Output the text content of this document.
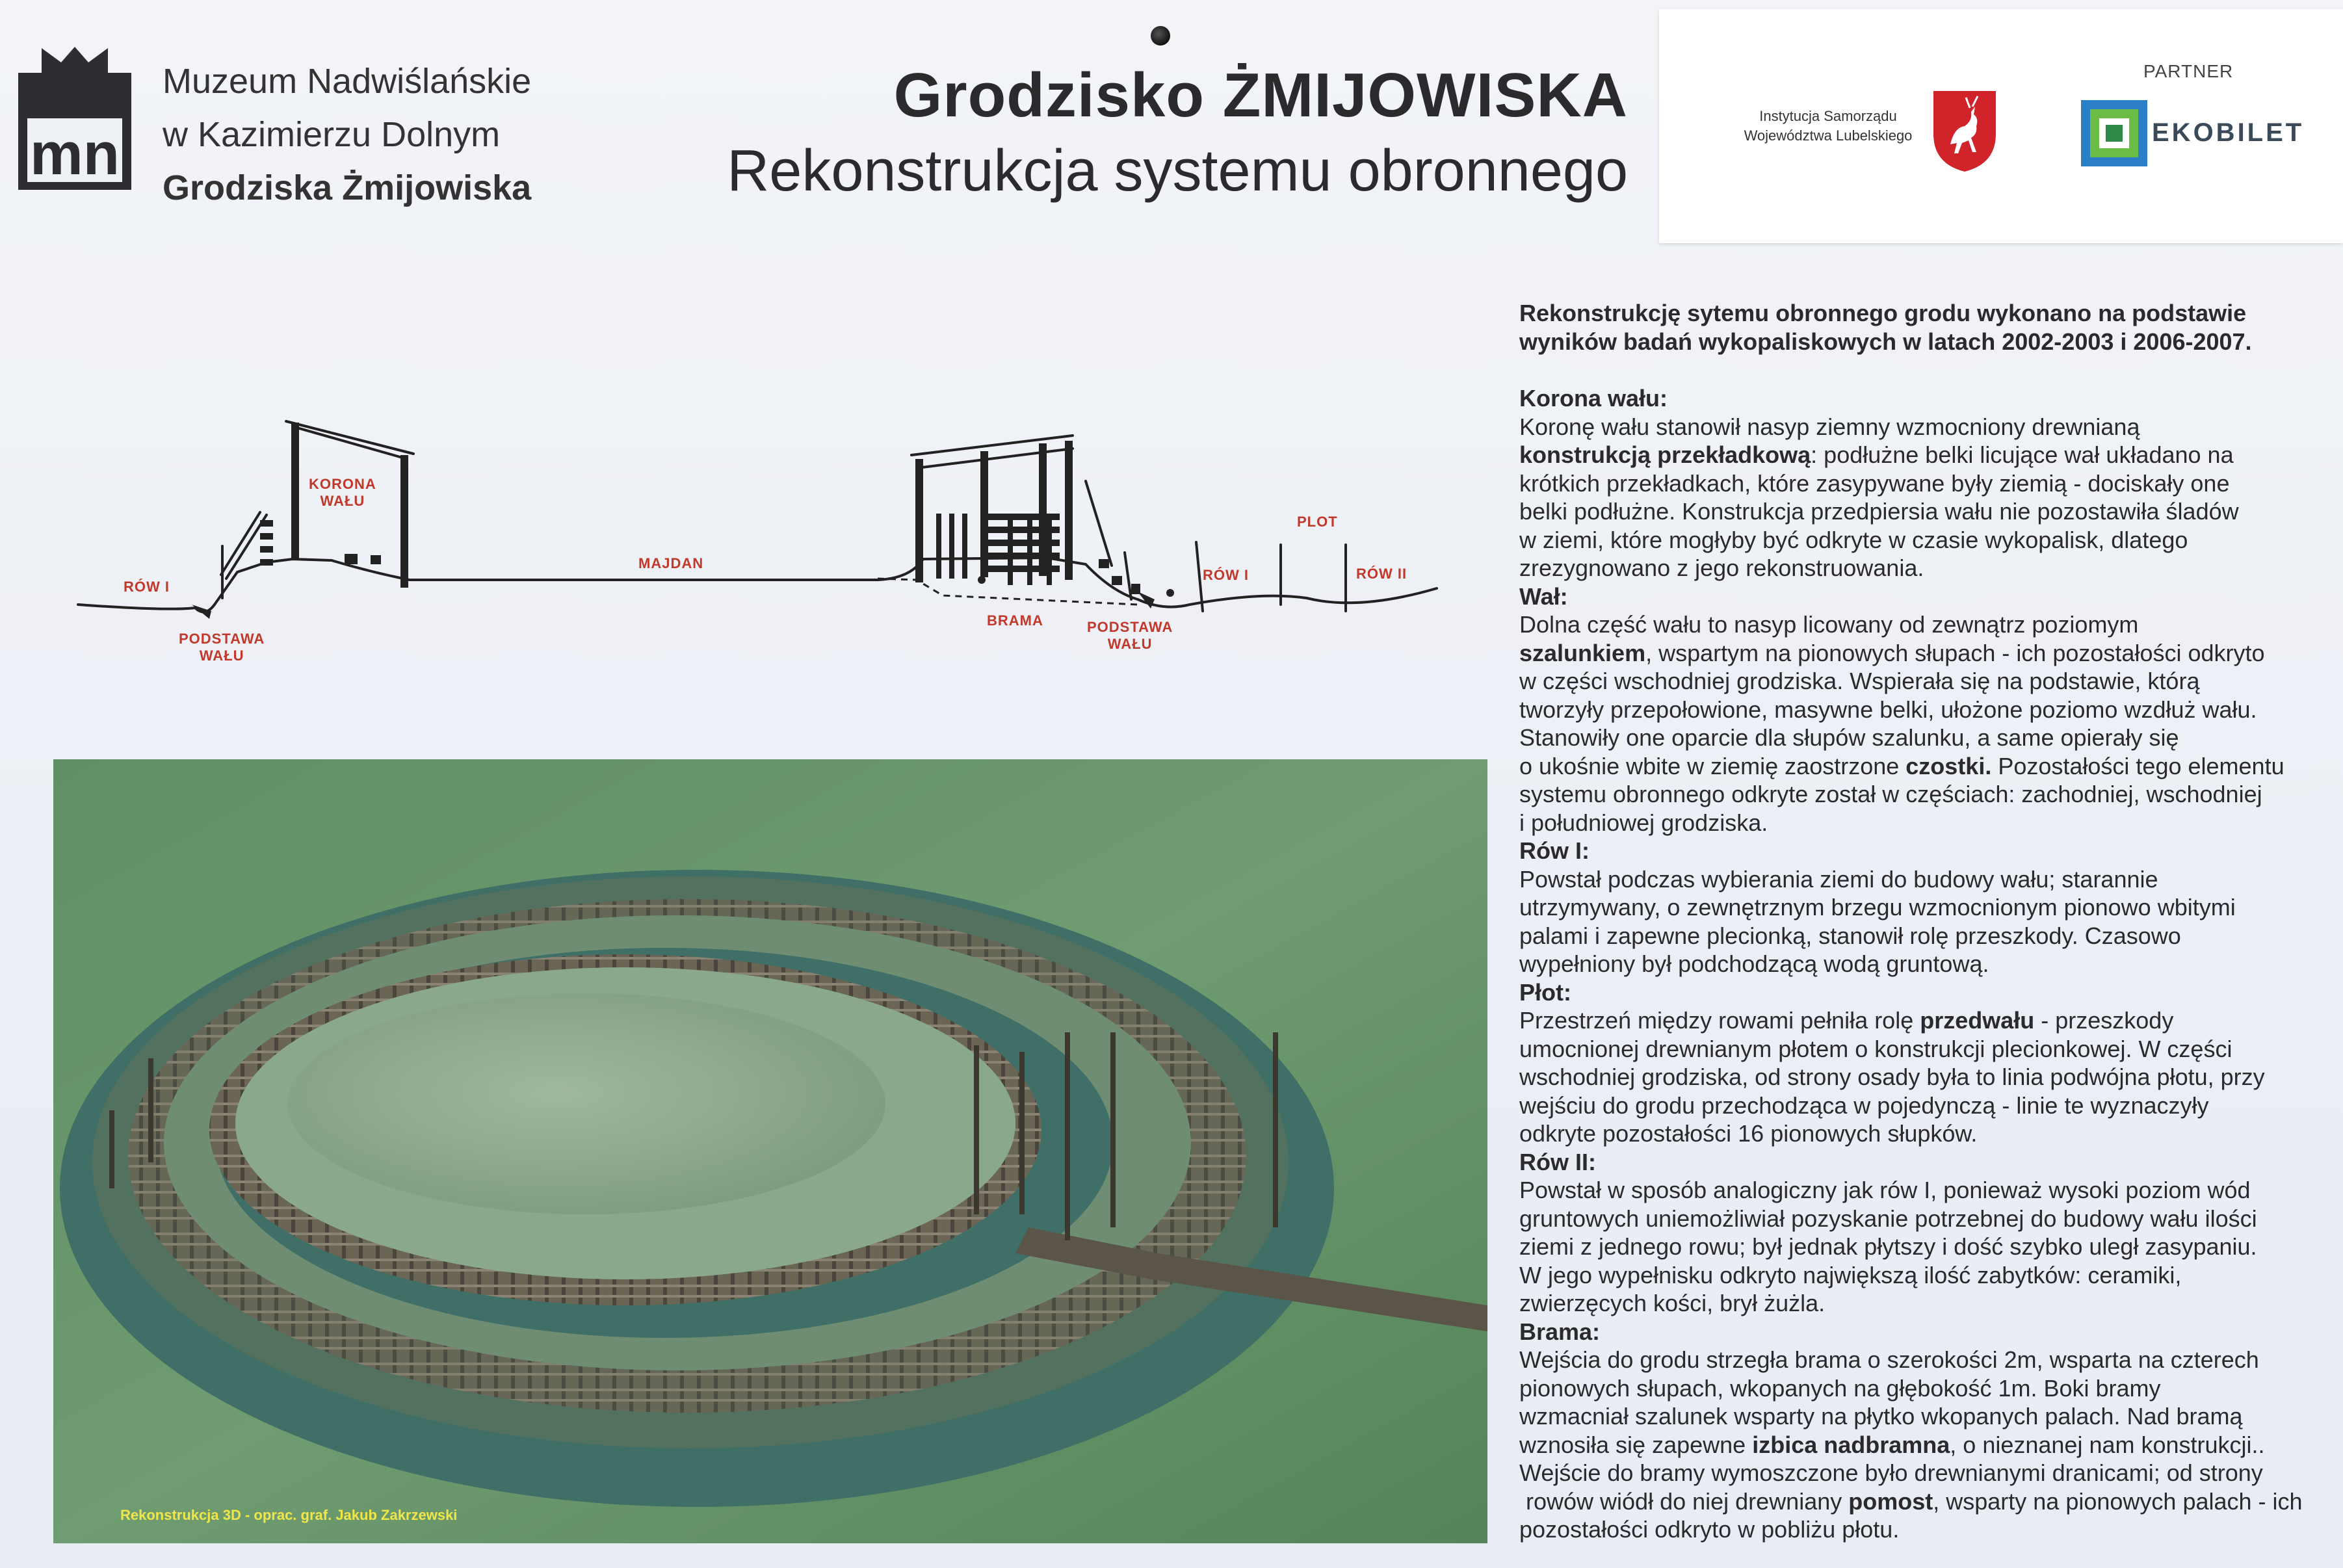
mn
Muzeum Nadwiślańskie
w Kazimierzu Dolnym
Grodziska Żmijowiska
Grodzisko ŻMIJOWISKA
Rekonstrukcja systemu obronnego
PARTNER
Instytucja Samorządu
Województwa Lubelskiego	EKOBILET
RÓW I
PODSTAWA
WAŁU
KORONA
WAŁU
MAJDAN
BRAMA	PODSTAWA
WAŁU
RÓW I
PLOT
RÓW II
Rekonstrukcja 3D - oprac. graf. Jakub Zakrzewski
Rekonstrukcję sytemu obronnego grodu wykonano na podstawie
wyników badań wykopaliskowych w latach 2002-2003 i 2006-2007.
Korona wału:
Koronę wału stanowił nasyp ziemny wzmocniony drewnianą
konstrukcją przekładkową: podłużne belki licujące wał układano na
krótkich przekładkach, które zasypywane były ziemią - dociskały one
belki podłużne. Konstrukcja przedpiersia wału nie pozostawiła śladów
w ziemi, które mogłyby być odkryte w czasie wykopalisk, dlatego
zrezygnowano z jego rekonstruowania.
Wał:
Dolna część wału to nasyp licowany od zewnątrz poziomym
szalunkiem, wspartym na pionowych słupach - ich pozostałości odkryto
w części wschodniej grodziska. Wspierała się na podstawie, którą
tworzyły przepołowione, masywne belki, ułożone poziomo wzdłuż wału.
Stanowiły one oparcie dla słupów szalunku, a same opierały się
o ukośnie wbite w ziemię zaostrzone czostki. Pozostałości tego elementu
systemu obronnego odkryte został w częściach: zachodniej, wschodniej
i południowej grodziska.
Rów I:
Powstał podczas wybierania ziemi do budowy wału; starannie
utrzymywany, o zewnętrznym brzegu wzmocnionym pionowo wbitymi
palami i zapewne plecionką, stanowił rolę przeszkody. Czasowo
wypełniony był podchodzącą wodą gruntową.
Płot:
Przestrzeń między rowami pełniła rolę przedwału - przeszkody
umocnionej drewnianym płotem o konstrukcji plecionkowej. W części
wschodniej grodziska, od strony osady była to linia podwójna płotu, przy
wejściu do grodu przechodząca w pojedynczą - linie te wyznaczyły
odkryte pozostałości 16 pionowych słupków.
Rów II:
Powstał w sposób analogiczny jak rów I, ponieważ wysoki poziom wód
gruntowych uniemożliwiał pozyskanie potrzebnej do budowy wału ilości
ziemi z jednego rowu; był jednak płytszy i dość szybko uległ zasypaniu.
W jego wypełnisku odkryto największą ilość zabytków: ceramiki,
zwierzęcych kości, brył żużla.
Brama:
Wejścia do grodu strzegła brama o szerokości 2m, wsparta na czterech
pionowych słupach, wkopanych na głębokość 1m. Boki bramy
wzmacniał szalunek wsparty na płytko wkopanych palach. Nad bramą
wznosiła się zapewne izbica nadbramna, o nieznanej nam konstrukcji..
Wejście do bramy wymoszczone było drewnianymi dranicami; od strony
rowów wiódł do niej drewniany pomost, wsparty na pionowych palach - ich
pozostałości odkryto w pobliżu płotu.
